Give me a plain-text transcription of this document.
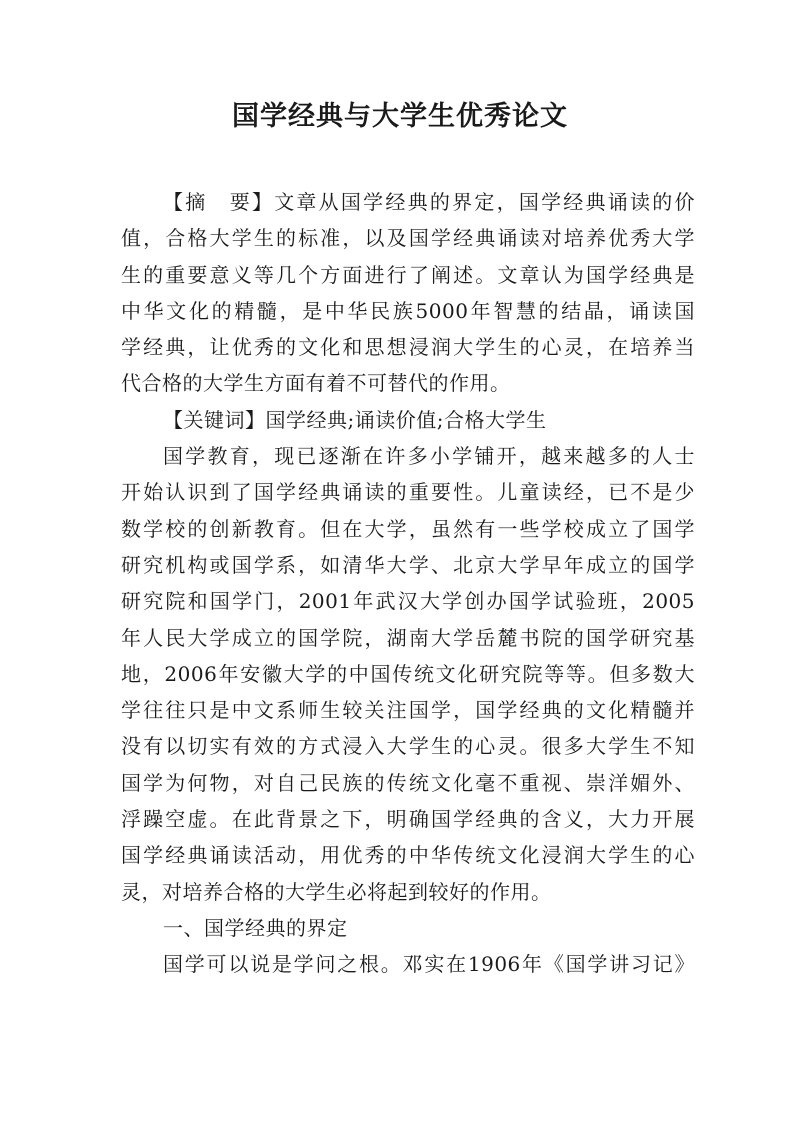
国学经典与大学生优秀论文
【摘　要】文章从国学经典的界定，国学经典诵读的价
值，合格大学生的标准，以及国学经典诵读对培养优秀大学
生的重要意义等几个方面进行了阐述。文章认为国学经典是
中华文化的精髓，是中华民族5000年智慧的结晶，诵读国
学经典，让优秀的文化和思想浸润大学生的心灵，在培养当
代合格的大学生方面有着不可替代的作用。
【关键词】国学经典;诵读价值;合格大学生
国学教育，现已逐渐在许多小学铺开，越来越多的人士
开始认识到了国学经典诵读的重要性。儿童读经，已不是少
数学校的创新教育。但在大学，虽然有一些学校成立了国学
研究机构或国学系，如清华大学、北京大学早年成立的国学
研究院和国学门，2001年武汉大学创办国学试验班，2005
年人民大学成立的国学院，湖南大学岳麓书院的国学研究基
地，2006年安徽大学的中国传统文化研究院等等。但多数大
学往往只是中文系师生较关注国学，国学经典的文化精髓并
没有以切实有效的方式浸入大学生的心灵。很多大学生不知
国学为何物，对自己民族的传统文化毫不重视、崇洋媚外、
浮躁空虚。在此背景之下，明确国学经典的含义，大力开展
国学经典诵读活动，用优秀的中华传统文化浸润大学生的心
灵，对培养合格的大学生必将起到较好的作用。
一、国学经典的界定
国学可以说是学问之根。邓实在1906年《国学讲习记》
